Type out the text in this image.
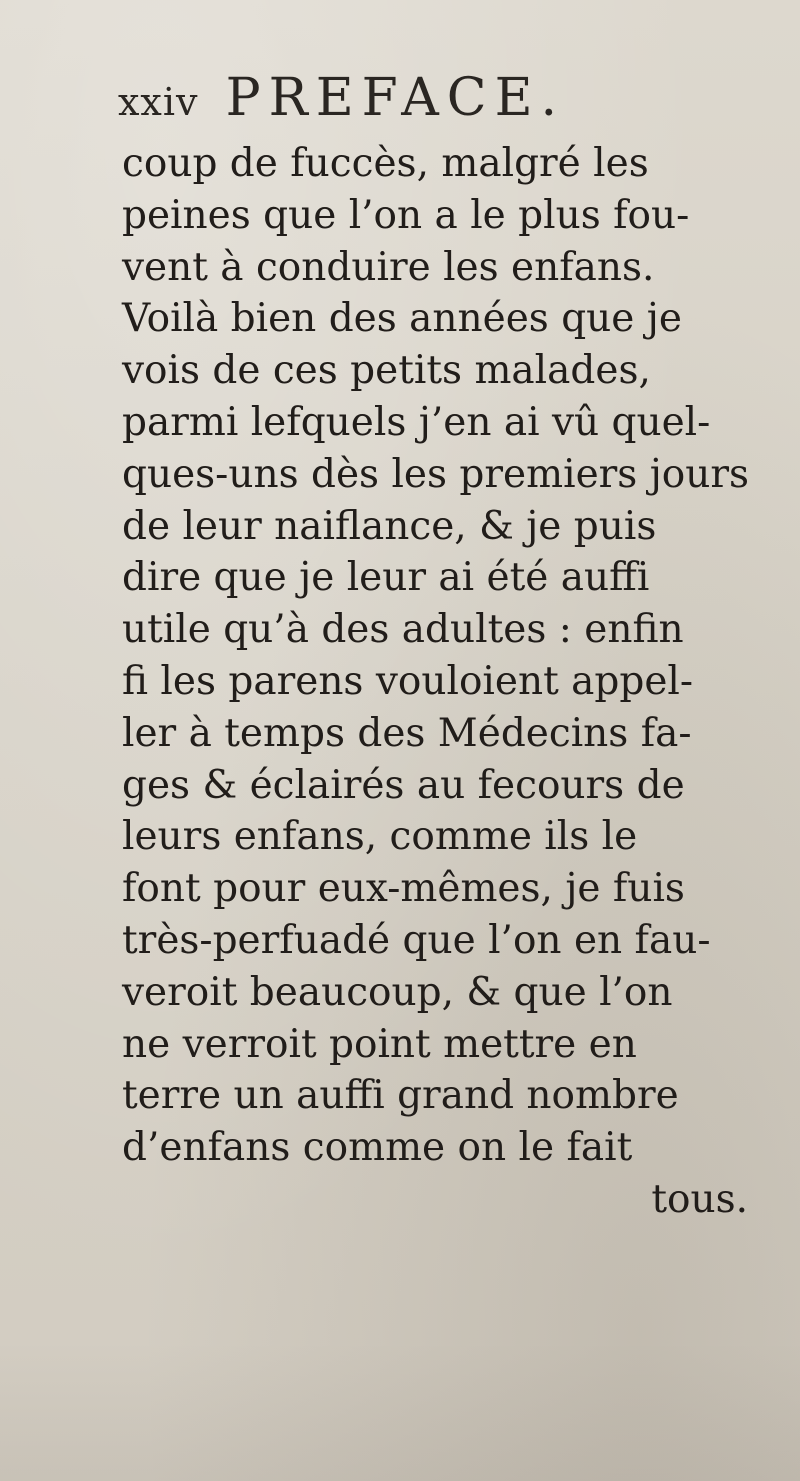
xxiv PREFACE.
coup de fuccès, malgré les
peines que l’on a le plus fou-
vent à conduire les enfans.
Voilà bien des années que je
vois de ces petits malades,
parmi lefquels j’en ai vû quel-
ques-uns dès les premiers jours
de leur naiflance, & je puis
dire que je leur ai été auffi
utile qu’à des adultes : enfin
fi les parens vouloient appel-
ler à temps des Médecins fa-
ges & éclairés au fecours de
leurs enfans, comme ils le
font pour eux-mêmes, je fuis
très-perfuadé que l’on en fau-
veroit beaucoup, & que l’on
ne verroit point mettre en
terre un auffi grand nombre
d’enfans comme on le fait
tous.
